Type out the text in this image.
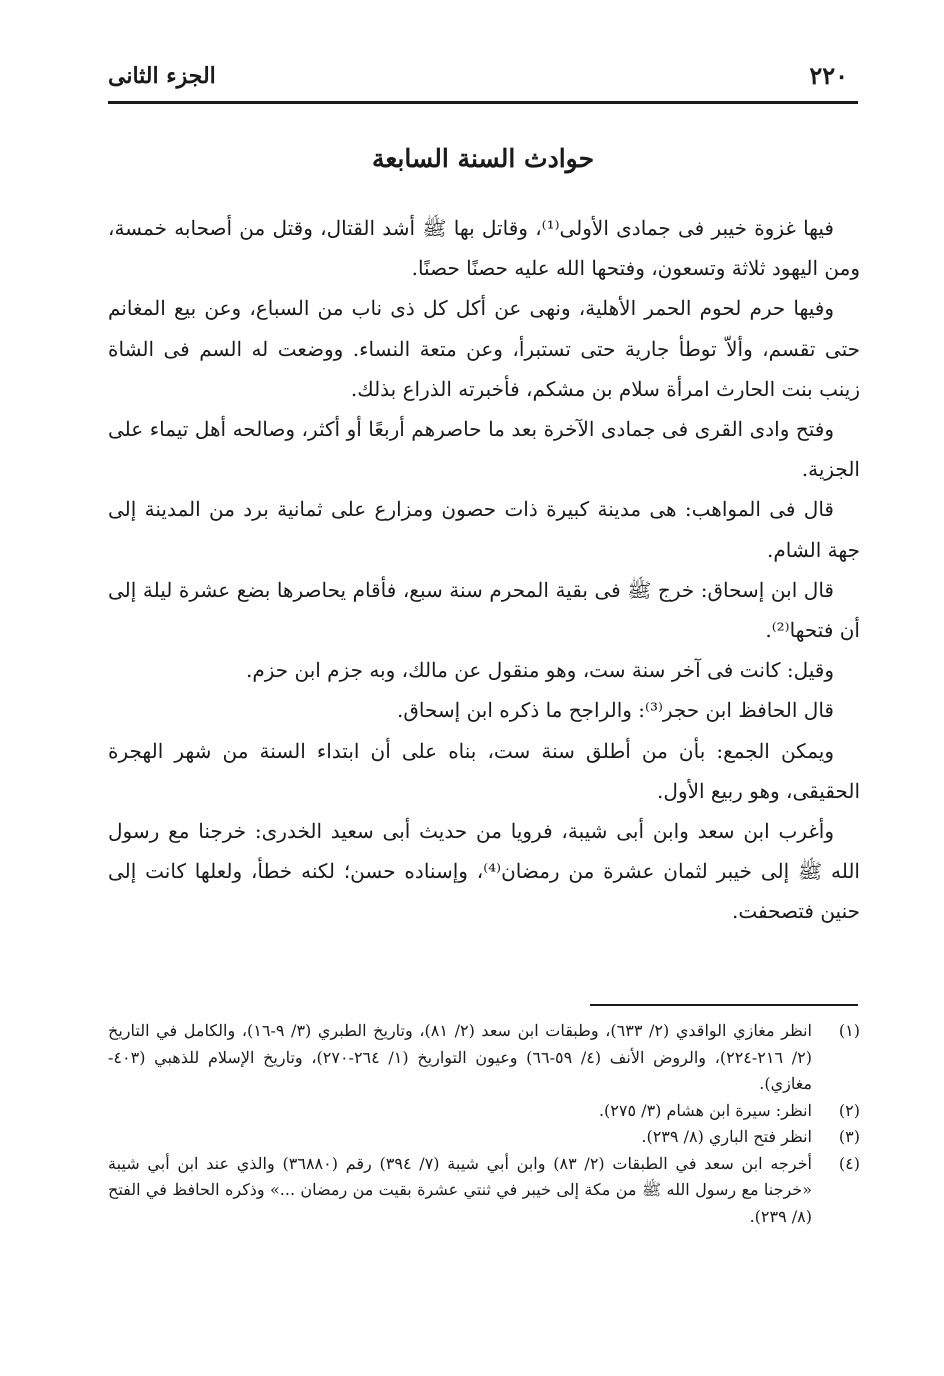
٢٢٠
الجزء الثانى
حوادث السنة السابعة

فيها غزوة خيبر فى جمادى الأولى⁽¹⁾، وقاتل بها ﷺ أشد القتال، وقتل من أصحابه خمسة، ومن اليهود ثلاثة وتسعون، وفتحها الله عليه حصنًا حصنًا.

وفيها حرم لحوم الحمر الأهلية، ونهى عن أكل كل ذى ناب من السباع، وعن بيع المغانم حتى تقسم، وألاّ توطأ جارية حتى تستبرأ، وعن متعة النساء. ووضعت له السم فى الشاة زينب بنت الحارث امرأة سلام بن مشكم، فأخبرته الذراع بذلك.

وفتح وادى القرى فى جمادى الآخرة بعد ما حاصرهم أربعًا أو أكثر، وصالحه أهل تيماء على الجزية.

قال فى المواهب: هى مدينة كبيرة ذات حصون ومزارع على ثمانية برد من المدينة إلى جهة الشام.

قال ابن إسحاق: خرج ﷺ فى بقية المحرم سنة سبع، فأقام يحاصرها بضع عشرة ليلة إلى أن فتحها⁽²⁾.

وقيل: كانت فى آخر سنة ست، وهو منقول عن مالك، وبه جزم ابن حزم.

قال الحافظ ابن حجر⁽³⁾: والراجح ما ذكره ابن إسحاق.

ويمكن الجمع: بأن من أطلق سنة ست، بناه على أن ابتداء السنة من شهر الهجرة الحقيقى، وهو ربيع الأول.

وأغرب ابن سعد وابن أبى شيبة، فرويا من حديث أبى سعيد الخدرى: خرجنا مع رسول الله ﷺ إلى خيبر لثمان عشرة من رمضان⁽⁴⁾، وإسناده حسن؛ لكنه خطأ، ولعلها كانت إلى حنين فتصحفت.

(١)
انظر مغازي الواقدي (٢/ ٦٣٣)، وطبقات ابن سعد (٢/ ٨١)، وتاريخ الطبري (٣/ ٩-١٦)، والكامل في التاريخ (٢/ ٢١٦-٢٢٤)، والروض الأنف (٤/ ٥٩-٦٦) وعيون التواريخ (١/ ٢٦٤-٢٧٠)، وتاريخ الإسلام للذهبي (٤٠٣-مغازي).
(٢)
انظر: سيرة ابن هشام (٣/ ٢٧٥).
(٣)
انظر فتح الباري (٨/ ٢٣٩).
(٤)
أخرجه ابن سعد في الطبقات (٢/ ٨٣) وابن أبي شيبة (٧/ ٣٩٤) رقم (٣٦٨٨٠) والذي عند ابن أبي شيبة «خرجنا مع رسول الله ﷺ من مكة إلى خيبر في ثنتي عشرة بقيت من رمضان ...» وذكره الحافظ في الفتح (٨/ ٢٣٩).
